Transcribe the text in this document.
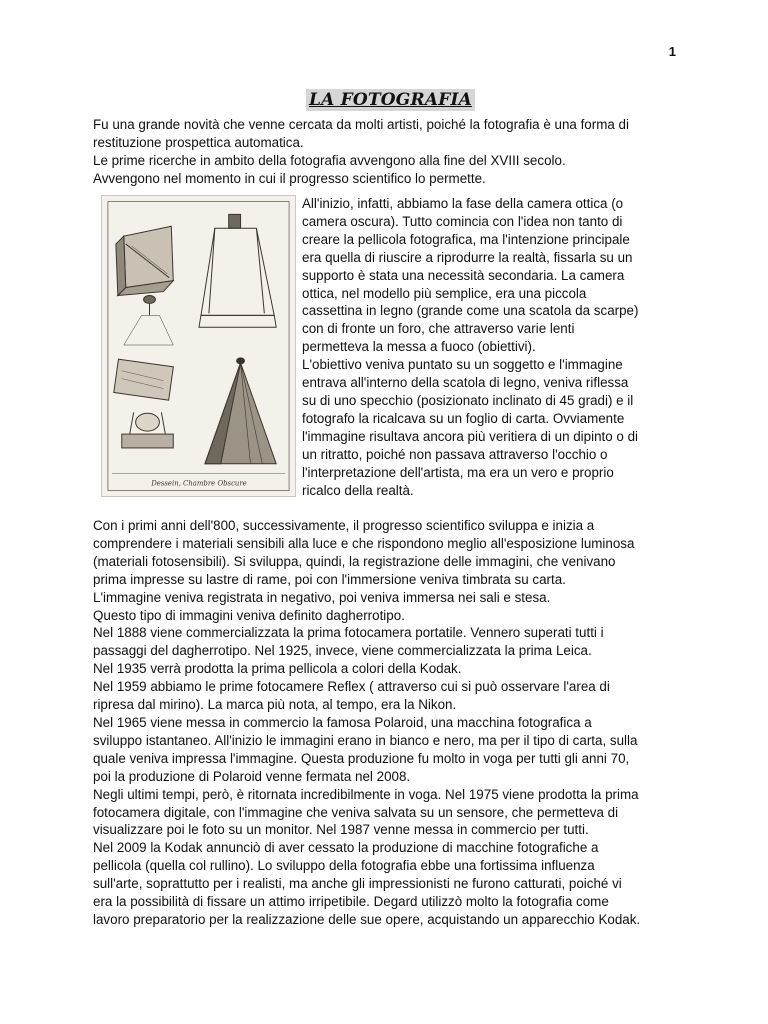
1
LA FOTOGRAFIA
Fu una grande novità che venne cercata da molti artisti, poiché la fotografia è una forma di
restituzione prospettica automatica.
Le prime ricerche in ambito della fotografia avvengono alla fine del XVIII secolo.
Avvengono nel momento in cui il progresso scientifico lo permette.
Dessein, Chambre Obscure
All'inizio, infatti, abbiamo la fase della camera ottica (o
camera oscura). Tutto comincia con l'idea non tanto di
creare la pellicola fotografica, ma l'intenzione principale
era quella di riuscire a riprodurre la realtà, fissarla su un
supporto è stata una necessità secondaria. La camera
ottica, nel modello più semplice, era una piccola
cassettina in legno (grande come una scatola da scarpe)
con di fronte un foro, che attraverso varie lenti
permetteva la messa a fuoco (obiettivi).
L'obiettivo veniva puntato su un soggetto e l'immagine
entrava all'interno della scatola di legno, veniva riflessa
su di uno specchio (posizionato inclinato di 45 gradi) e il
fotografo la ricalcava su un foglio di carta. Ovviamente
l'immagine risultava ancora più veritiera di un dipinto o di
un ritratto, poiché non passava attraverso l'occhio o
l'interpretazione dell'artista, ma era un vero e proprio
ricalco della realtà.
Con i primi anni dell'800, successivamente, il progresso scientifico sviluppa e inizia a
comprendere i materiali sensibili alla luce e che rispondono meglio all'esposizione luminosa
(materiali fotosensibili). Si sviluppa, quindi, la registrazione delle immagini, che venivano
prima impresse su lastre di rame, poi con l'immersione veniva timbrata su carta.
L'immagine veniva registrata in negativo, poi veniva immersa nei sali e stesa.
Questo tipo di immagini veniva definito dagherrotipo.
Nel 1888 viene commercializzata la prima fotocamera portatile. Vennero superati tutti i
passaggi del dagherrotipo. Nel 1925, invece, viene commercializzata la prima Leica.
Nel 1935 verrà prodotta la prima pellicola a colori della Kodak.
Nel 1959 abbiamo le prime fotocamere Reflex ( attraverso cui si può osservare l'area di
ripresa dal mirino). La marca più nota, al tempo, era la Nikon.
Nel 1965 viene messa in commercio la famosa Polaroid, una macchina fotografica a
sviluppo istantaneo. All'inizio le immagini erano in bianco e nero, ma per il tipo di carta, sulla
quale veniva impressa l'immagine. Questa produzione fu molto in voga per tutti gli anni 70,
poi la produzione di Polaroid venne fermata nel 2008.
Negli ultimi tempi, però, è ritornata incredibilmente in voga. Nel 1975 viene prodotta la prima
fotocamera digitale, con l'immagine che veniva salvata su un sensore, che permetteva di
visualizzare poi le foto su un monitor. Nel 1987 venne messa in commercio per tutti.
Nel 2009 la Kodak annunciò di aver cessato la produzione di macchine fotografiche a
pellicola (quella col rullino). Lo sviluppo della fotografia ebbe una fortissima influenza
sull'arte, soprattutto per i realisti, ma anche gli impressionisti ne furono catturati, poiché vi
era la possibilità di fissare un attimo irripetibile. Degard utilizzò molto la fotografia come
lavoro preparatorio per la realizzazione delle sue opere, acquistando un apparecchio Kodak.
